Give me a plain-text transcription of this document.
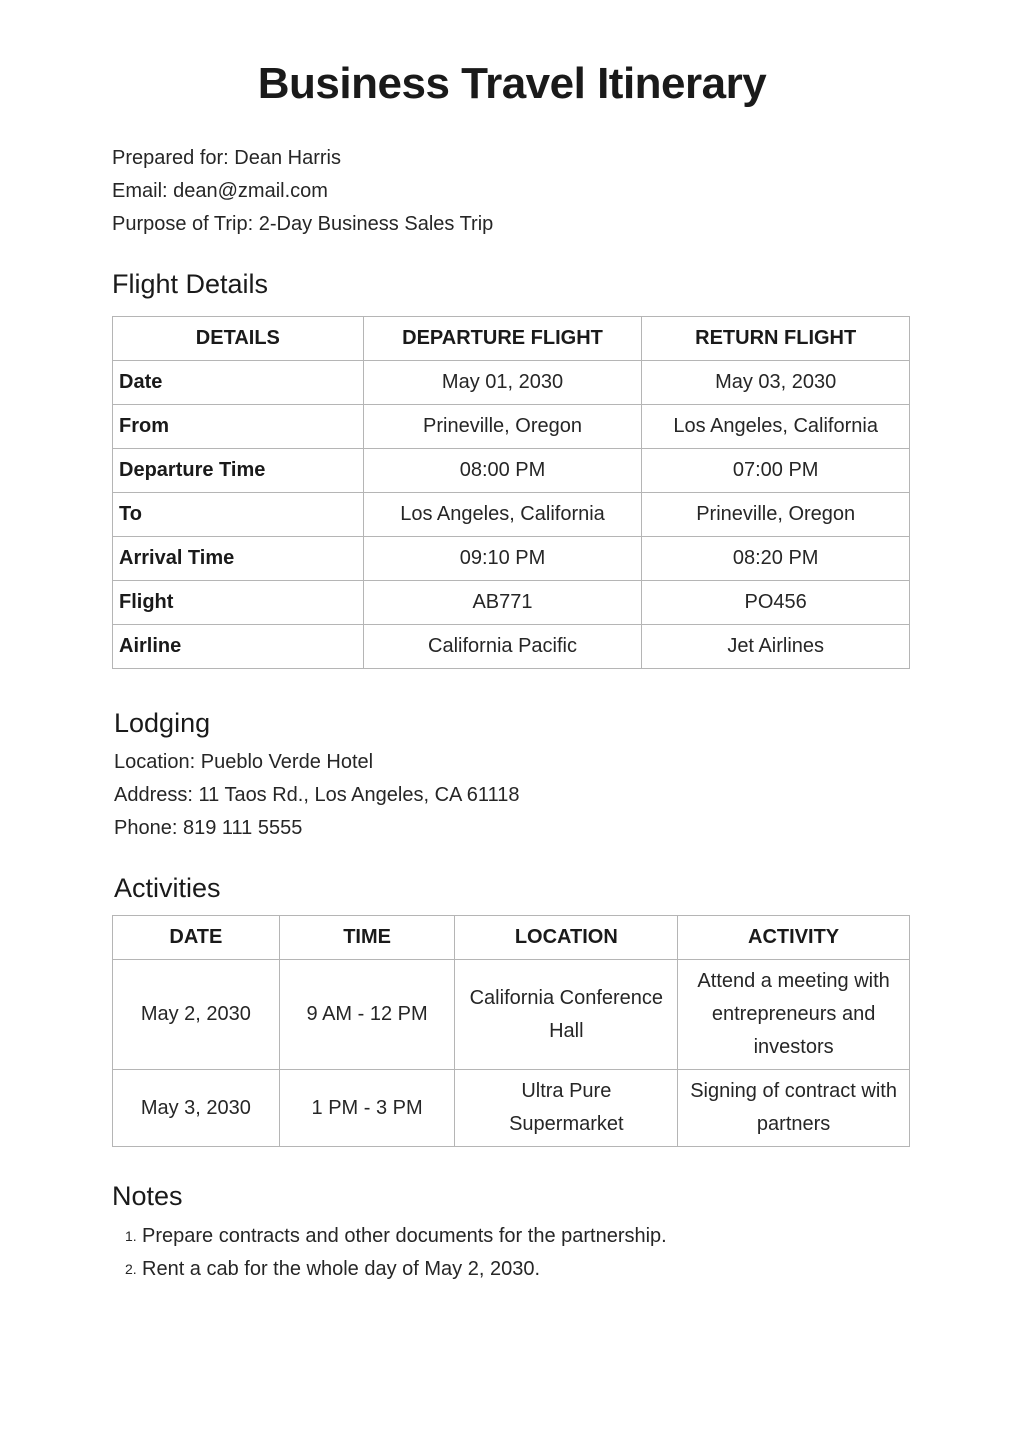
Business Travel Itinerary
Prepared for: Dean Harris
Email: dean@zmail.com
Purpose of Trip: 2-Day Business Sales Trip
Flight Details
DETAILS	DEPARTURE FLIGHT	RETURN FLIGHT
Date	May 01, 2030	May 03, 2030
From	Prineville, Oregon	Los Angeles, California
Departure Time	08:00 PM	07:00 PM
To	Los Angeles, California	Prineville, Oregon
Arrival Time	09:10 PM	08:20 PM
Flight	AB771	PO456
Airline	California Pacific	Jet Airlines
Lodging
Location: Pueblo Verde Hotel
Address: 11 Taos Rd., Los Angeles, CA 61118
Phone: 819 111 5555
Activities
DATE	TIME	LOCATION	ACTIVITY
May 2, 2030	9 AM - 12 PM	California Conference Hall	Attend a meeting with entrepreneurs and investors
May 3, 2030	1 PM - 3 PM	Ultra Pure Supermarket	Signing of contract with partners
Notes
1. Prepare contracts and other documents for the partnership.
2. Rent a cab for the whole day of May 2, 2030.
